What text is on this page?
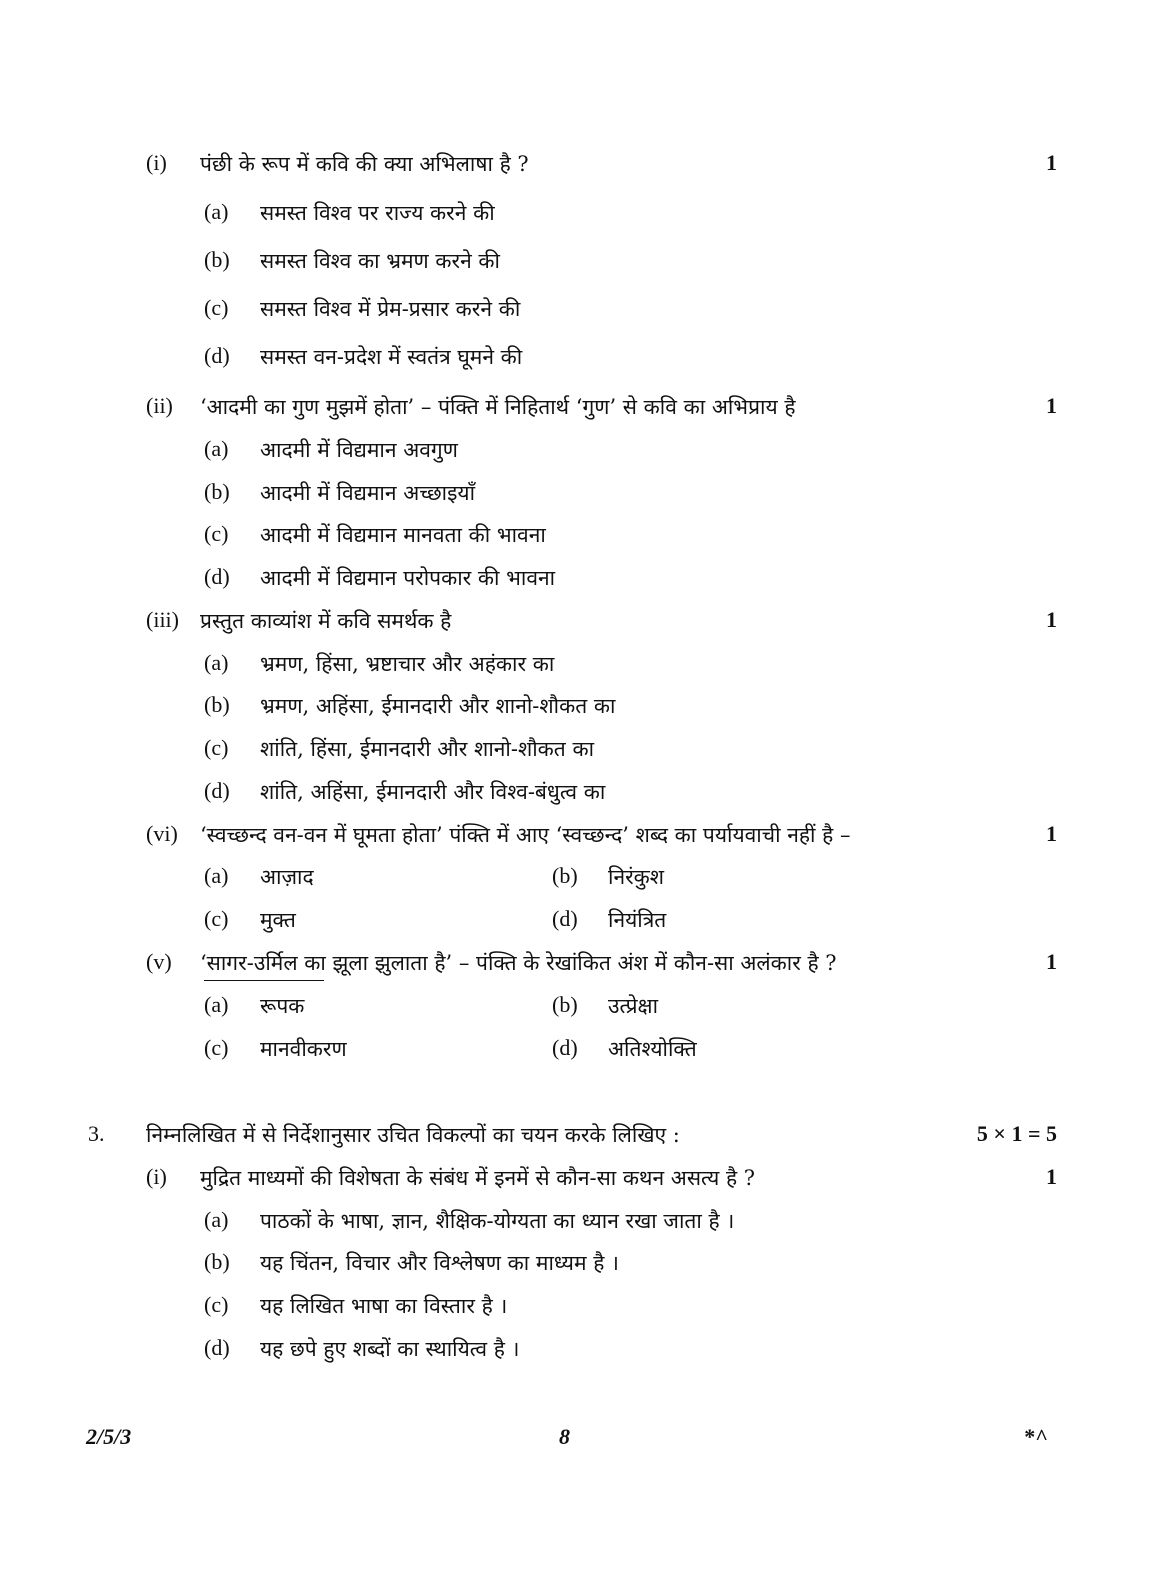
(i) पंछी के रूप में कवि की क्या अभिलाषा है ?	1
(a) समस्त विश्व पर राज्य करने की
(b) समस्त विश्व का भ्रमण करने की
(c) समस्त विश्व में प्रेम-प्रसार करने की
(d) समस्त वन-प्रदेश में स्वतंत्र घूमने की
(ii) ‘आदमी का गुण मुझमें होता’ – पंक्ति में निहितार्थ ‘गुण’ से कवि का अभिप्राय है	1
(a) आदमी में विद्यमान अवगुण
(b) आदमी में विद्यमान अच्छाइयाँ
(c) आदमी में विद्यमान मानवता की भावना
(d) आदमी में विद्यमान परोपकार की भावना
(iii) प्रस्तुत काव्यांश में कवि समर्थक है	1
(a) भ्रमण, हिंसा, भ्रष्टाचार और अहंकार का
(b) भ्रमण, अहिंसा, ईमानदारी और शानो-शौकत का
(c) शांति, हिंसा, ईमानदारी और शानो-शौकत का
(d) शांति, अहिंसा, ईमानदारी और विश्व-बंधुत्व का
(vi) ‘स्वच्छन्द वन-वन में घूमता होता’ पंक्ति में आए ‘स्वच्छन्द’ शब्द का पर्यायवाची नहीं है –	1
(a) आज़ाद	(b) निरंकुश
(c) मुक्त	(d) नियंत्रित
(v) ‘सागर-उर्मिल का झूला झुलाता है’ – पंक्ति के रेखांकित अंश में कौन-सा अलंकार है ?	1
(a) रूपक	(b) उत्प्रेक्षा
(c) मानवीकरण	(d) अतिश्योक्ति
3. निम्नलिखित में से निर्देशानुसार उचित विकल्पों का चयन करके लिखिए :	5 × 1 = 5
(i) मुद्रित माध्यमों की विशेषता के संबंध में इनमें से कौन-सा कथन असत्य है ?	1
(a) पाठकों के भाषा, ज्ञान, शैक्षिक-योग्यता का ध्यान रखा जाता है ।
(b) यह चिंतन, विचार और विश्लेषण का माध्यम है ।
(c) यह लिखित भाषा का विस्तार है ।
(d) यह छपे हुए शब्दों का स्थायित्व है ।
2/5/3	8	*^
